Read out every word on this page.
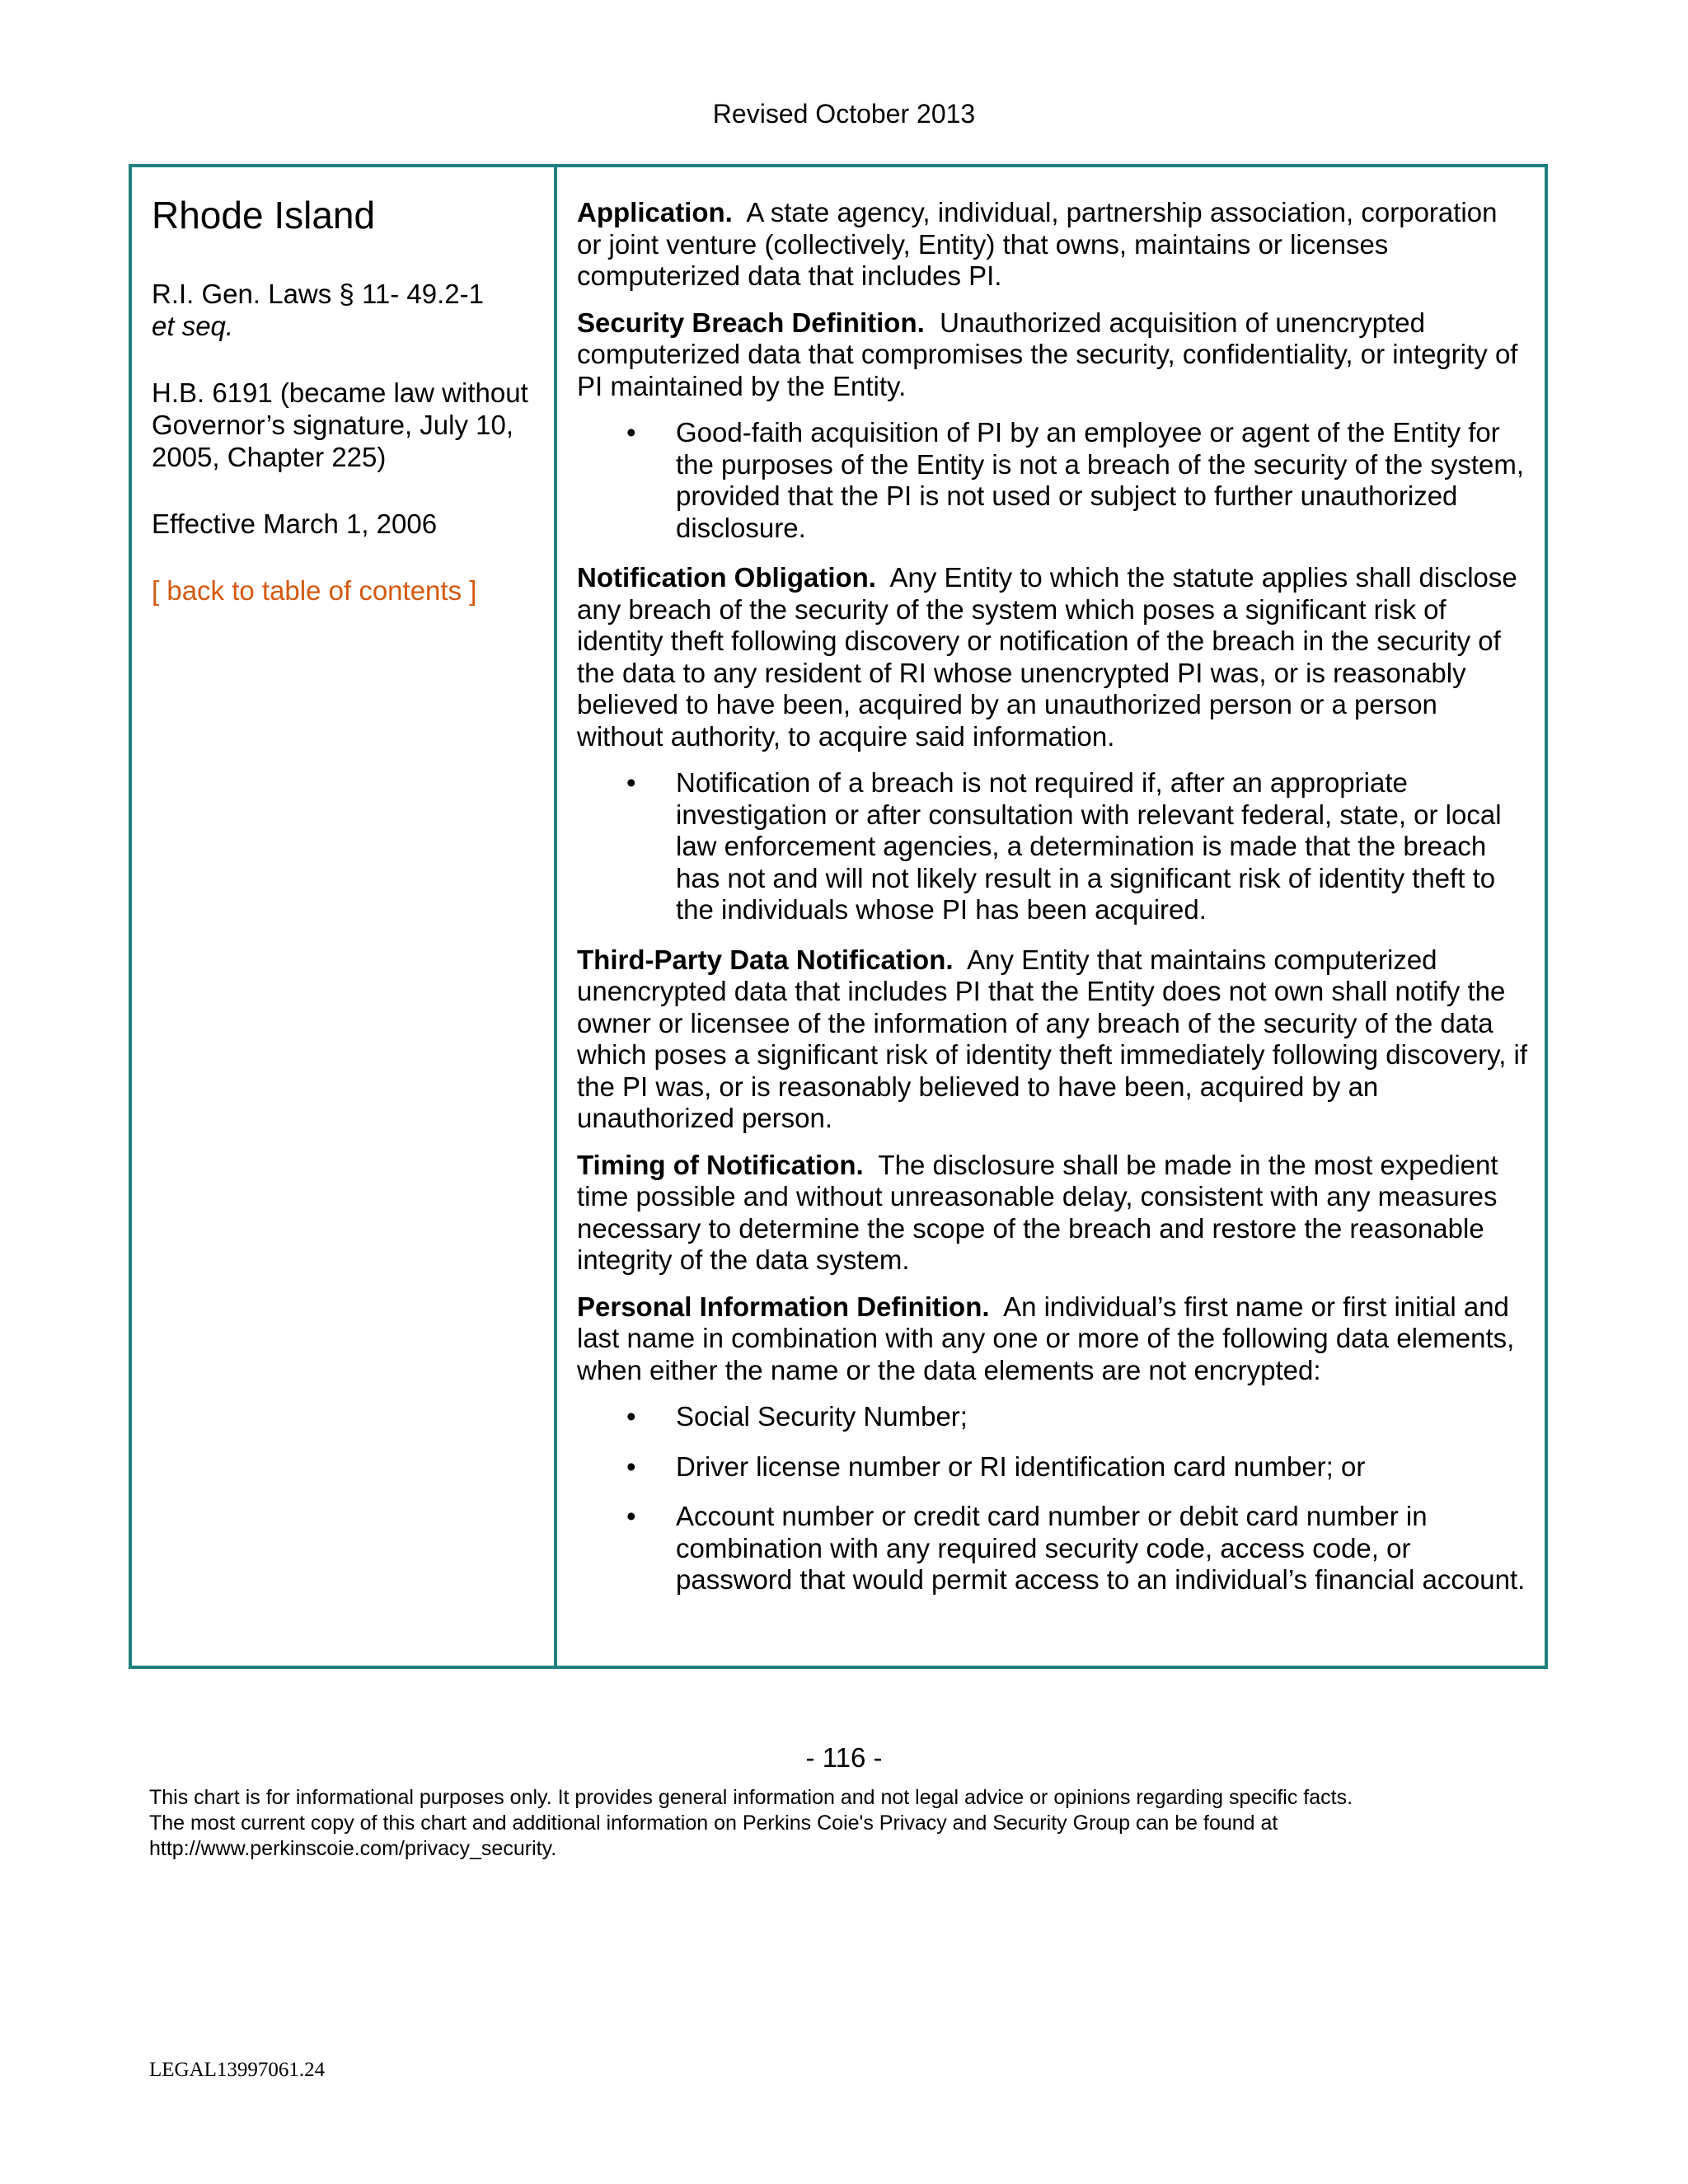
Revised October 2013
Rhode Island

R.I. Gen. Laws § 11- 49.2-1
et seq.

H.B. 6191 (became law without Governor’s signature, July 10, 2005, Chapter 225)

Effective March 1, 2006

[ back to table of contents ]

Application. A state agency, individual, partnership association, corporation or joint venture (collectively, Entity) that owns, maintains or licenses computerized data that includes PI.

Security Breach Definition. Unauthorized acquisition of unencrypted computerized data that compromises the security, confidentiality, or integrity of PI maintained by the Entity.

• Good-faith acquisition of PI by an employee or agent of the Entity for the purposes of the Entity is not a breach of the security of the system, provided that the PI is not used or subject to further unauthorized disclosure.

Notification Obligation. Any Entity to which the statute applies shall disclose any breach of the security of the system which poses a significant risk of identity theft following discovery or notification of the breach in the security of the data to any resident of RI whose unencrypted PI was, or is reasonably believed to have been, acquired by an unauthorized person or a person without authority, to acquire said information.

• Notification of a breach is not required if, after an appropriate investigation or after consultation with relevant federal, state, or local law enforcement agencies, a determination is made that the breach has not and will not likely result in a significant risk of identity theft to the individuals whose PI has been acquired.

Third-Party Data Notification. Any Entity that maintains computerized unencrypted data that includes PI that the Entity does not own shall notify the owner or licensee of the information of any breach of the security of the data which poses a significant risk of identity theft immediately following discovery, if the PI was, or is reasonably believed to have been, acquired by an unauthorized person.

Timing of Notification. The disclosure shall be made in the most expedient time possible and without unreasonable delay, consistent with any measures necessary to determine the scope of the breach and restore the reasonable integrity of the data system.

Personal Information Definition. An individual’s first name or first initial and last name in combination with any one or more of the following data elements, when either the name or the data elements are not encrypted:

• Social Security Number;
• Driver license number or RI identification card number; or
• Account number or credit card number or debit card number in combination with any required security code, access code, or password that would permit access to an individual’s financial account.
- 116 -
This chart is for informational purposes only. It provides general information and not legal advice or opinions regarding specific facts.
The most current copy of this chart and additional information on Perkins Coie's Privacy and Security Group can be found at
http://www.perkinscoie.com/privacy_security.
LEGAL13997061.24
